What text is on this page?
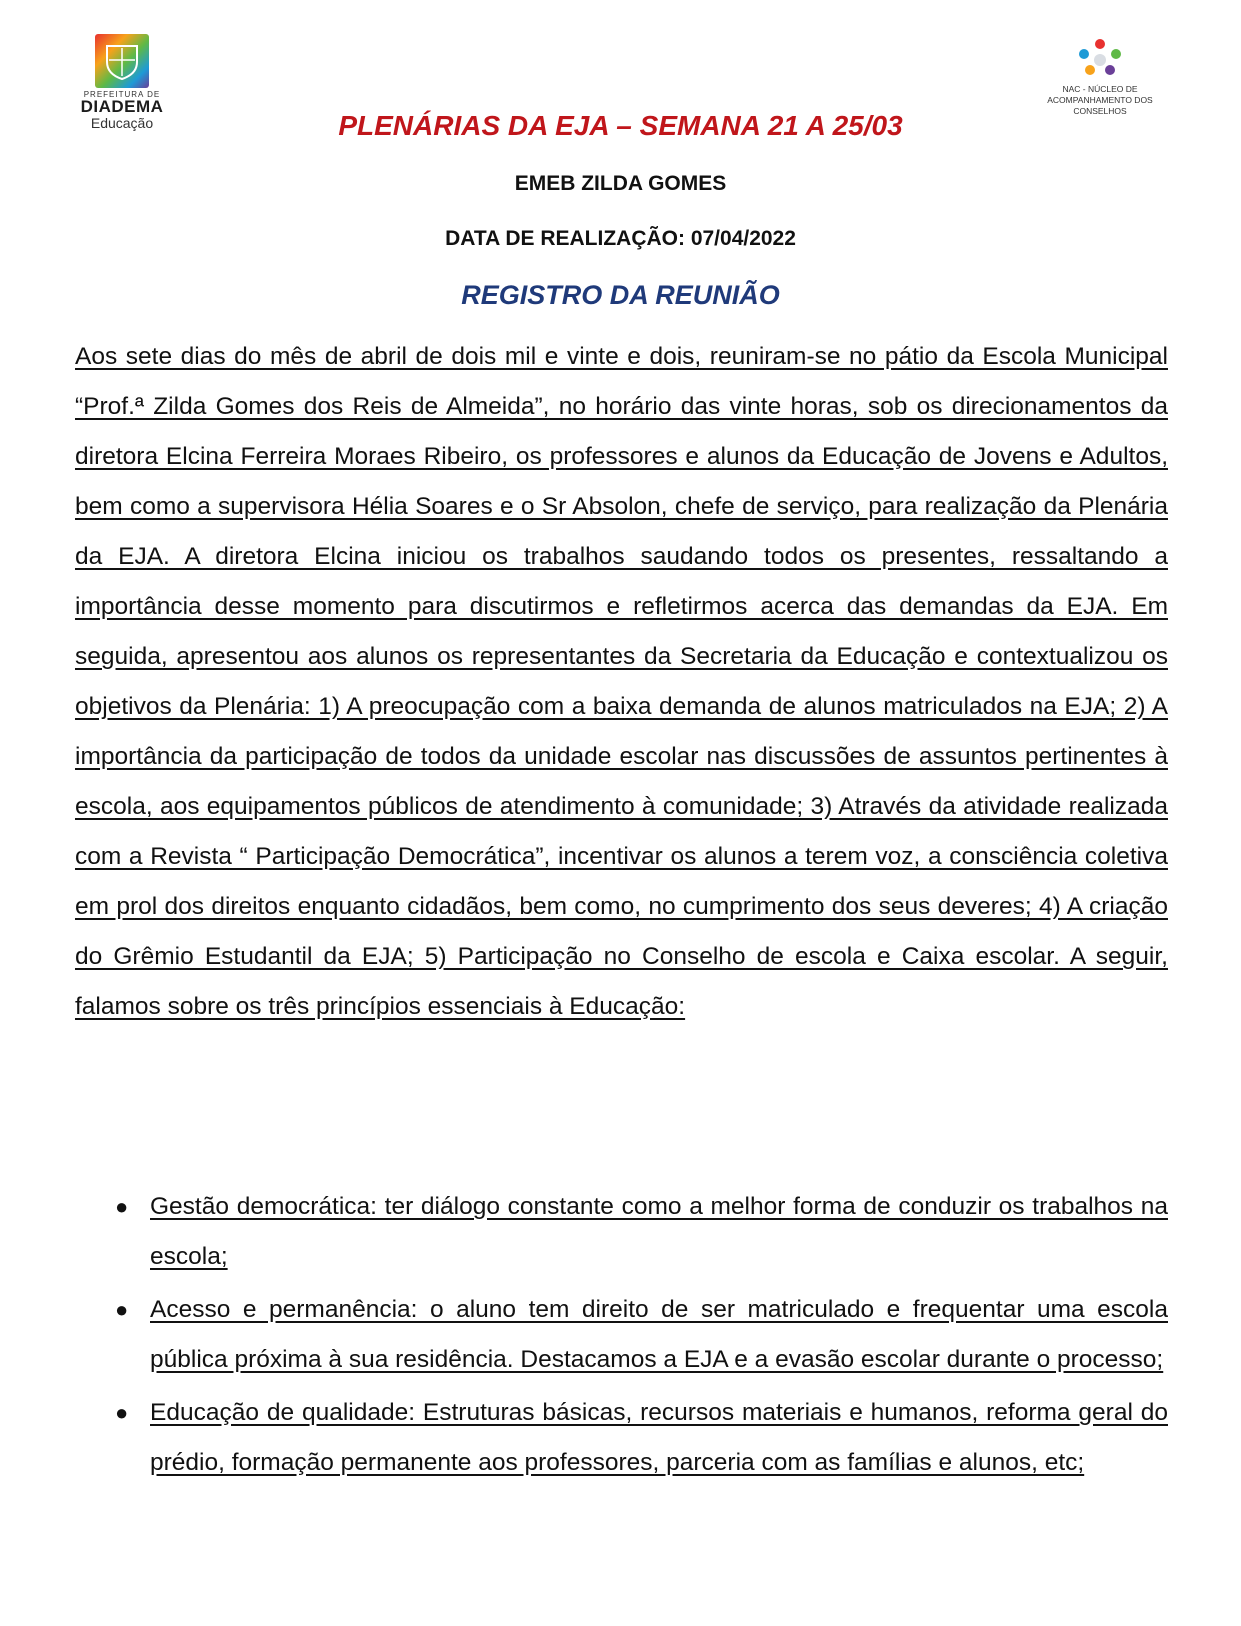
PREFEITURA DE
DIADEMA
Educação
NAC - NÚCLEO DE
ACOMPANHAMENTO DOS
CONSELHOS
PLENÁRIAS DA EJA – SEMANA 21 A 25/03
EMEB ZILDA GOMES
DATA DE REALIZAÇÃO: 07/04/2022
REGISTRO DA REUNIÃO

Aos sete dias do mês de abril de dois mil e vinte e dois, reuniram-se no pátio da Escola Municipal “Prof.ª Zilda Gomes dos Reis de Almeida”, no horário das vinte horas, sob os direcionamentos da diretora Elcina Ferreira Moraes Ribeiro, os professores e alunos da Educação de Jovens e Adultos, bem como a supervisora Hélia Soares e o Sr Absolon, chefe de serviço, para realização da Plenária da EJA. A diretora Elcina iniciou os trabalhos saudando todos os presentes, ressaltando a importância desse momento para discutirmos e refletirmos acerca das demandas da EJA. Em seguida, apresentou aos alunos os representantes da Secretaria da Educação e contextualizou os objetivos da Plenária: 1) A preocupação com a baixa demanda de alunos matriculados na EJA; 2) A importância da participação de todos da unidade escolar nas discussões de assuntos pertinentes à escola, aos equipamentos públicos de atendimento à comunidade; 3) Através da atividade realizada com a Revista “ Participação Democrática”, incentivar os alunos a terem voz, a consciência coletiva em prol dos direitos enquanto cidadãos, bem como, no cumprimento dos seus deveres; 4) A criação do Grêmio Estudantil da EJA; 5) Participação no Conselho de escola e Caixa escolar. A seguir, falamos sobre os três princípios essenciais à Educação:

● Gestão democrática: ter diálogo constante como a melhor forma de conduzir os trabalhos na escola;
● Acesso e permanência: o aluno tem direito de ser matriculado e frequentar uma escola pública próxima à sua residência. Destacamos a EJA e a evasão escolar durante o processo;
● Educação de qualidade: Estruturas básicas, recursos materiais e humanos, reforma geral do prédio, formação permanente aos professores, parceria com as famílias e alunos, etc;
